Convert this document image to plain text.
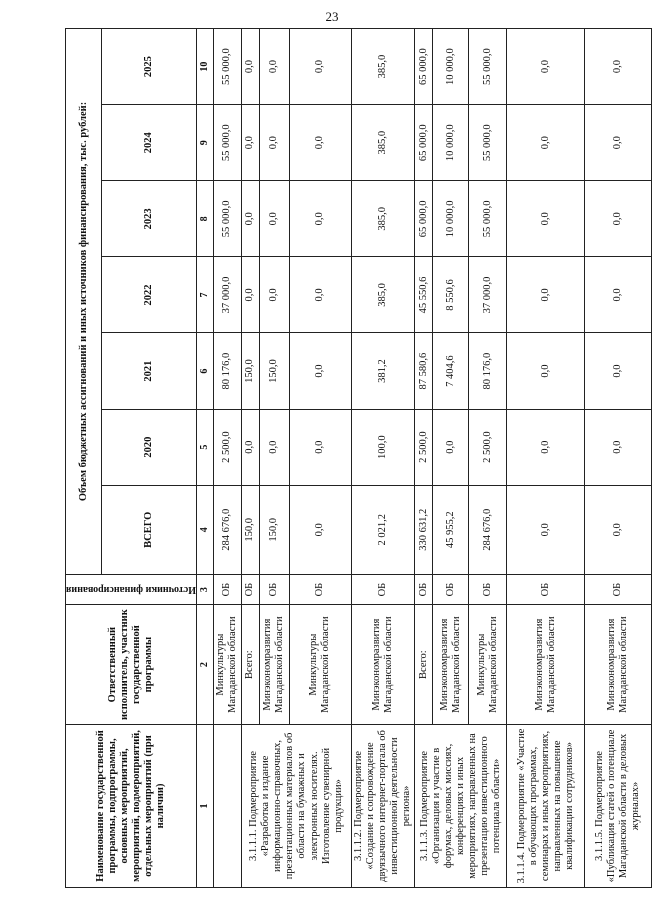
23
Наименование государственной программы, подпрограммы, основных мероприятий, мероприятий, подмероприятий, отдельных мероприятий (при наличии)	Ответственный исполнитель, участник государственной программы	Источники финансирования	Объем бюджетных ассигнований и иных источников финансирования, тыс. рублей:						
			ВСЕГО	2020	2021	2022	2023	2024	2025
1	2	3	4	5	6	7	8	9	10
	Минкультуры Магаданской области	ОБ	284 676,0	2 500,0	80 176,0	37 000,0	55 000,0	55 000,0	55 000,0
3.1.1.1. Подмероприятие «Разработка и издание информационно-справочных, презентационных материалов об области на бумажных и электронных носителях. Изготовление сувенирной продукции»	Всего:	ОБ	150,0	0,0	150,0	0,0	0,0	0,0	0,0
	Минэкономразвития Магаданской области	ОБ	150,0	0,0	150,0	0,0	0,0	0,0	0,0
	Минкультуры Магаданской области	ОБ	0,0	0,0	0,0	0,0	0,0	0,0	0,0
3.1.1.2. Подмероприятие «Создание и сопровождение двуязычного интернет-портала об инвестиционной деятельности региона»	Минэкономразвития Магаданской области	ОБ	2 021,2	100,0	381,2	385,0	385,0	385,0	385,0
3.1.1.3. Подмероприятие «Организация и участие в форумах, деловых миссиях, конференциях и иных мероприятиях, направленных на презентацию инвестиционного потенциала области»	Всего:	ОБ	330 631,2	2 500,0	87 580,6	45 550,6	65 000,0	65 000,0	65 000,0
	Минэкономразвития Магаданской области	ОБ	45 955,2	0,0	7 404,6	8 550,6	10 000,0	10 000,0	10 000,0
	Минкультуры Магаданской области	ОБ	284 676,0	2 500,0	80 176,0	37 000,0	55 000,0	55 000,0	55 000,0
3.1.1.4. Подмероприятие «Участие в обучающих программах, семинарах и иных мероприятиях, направленных на повышение квалификации сотрудников»	Минэкономразвития Магаданской области	ОБ	0,0	0,0	0,0	0,0	0,0	0,0	0,0
3.1.1.5. Подмероприятие «Публикация статей о потенциале Магаданской области в деловых журналах»	Минэкономразвития Магаданской области	ОБ	0,0	0,0	0,0	0,0	0,0	0,0	0,0
